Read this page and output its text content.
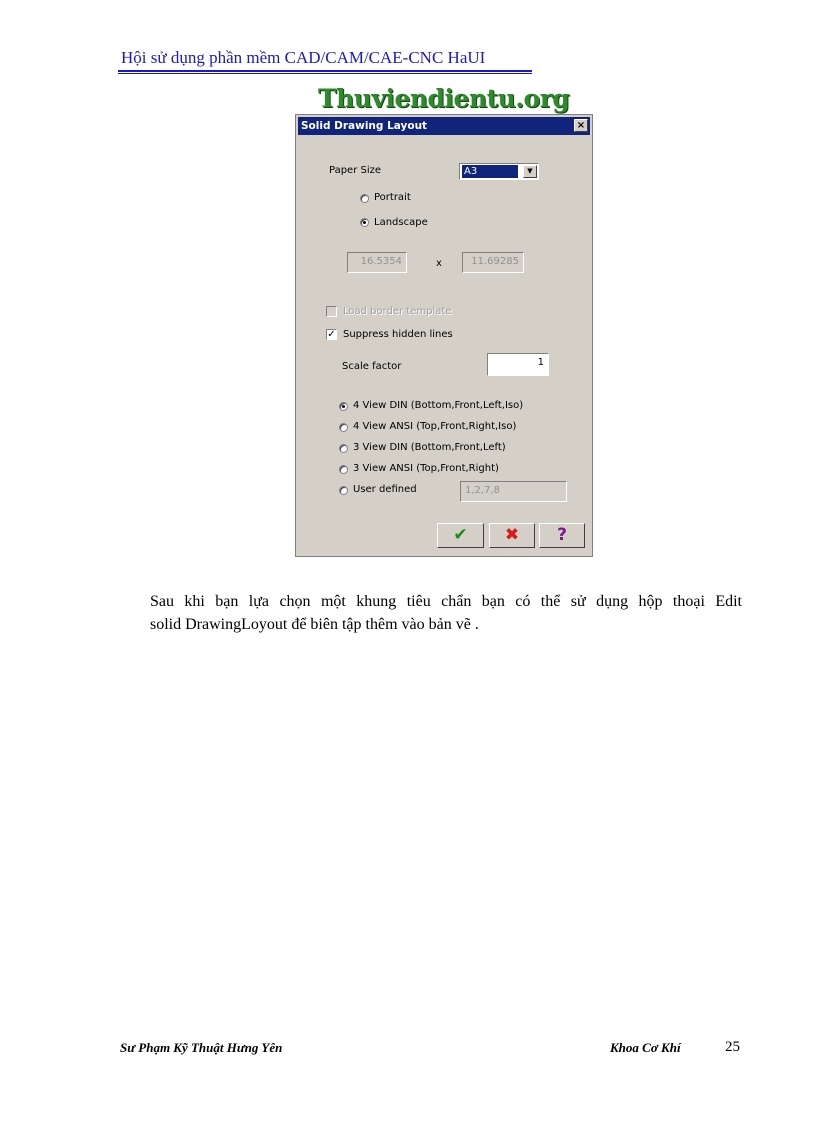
Hội sử dụng phần mềm CAD/CAM/CAE-CNC HaUI
Thuviendientu.org
Solid Drawing Layout	×
Paper Size	A3	▼
Portrait
Landscape
16.5354	x	11.69285
Load border template
✓ Suppress hidden lines
Scale factor	1
4 View DIN (Bottom,Front,Left,Iso)
4 View ANSI (Top,Front,Right,Iso)
3 View DIN (Bottom,Front,Left)
3 View ANSI (Top,Front,Right)
User defined	1,2,7,8
✔	✖	?
Sau khi bạn lựa chọn một khung tiêu chẩn bạn có thể sử dụng hộp thoại Edit
solid DrawingLoyout để biên tập thêm vào bản vẽ .
Sư Phạm Kỹ Thuật Hưng Yên	Khoa Cơ Khí	25
